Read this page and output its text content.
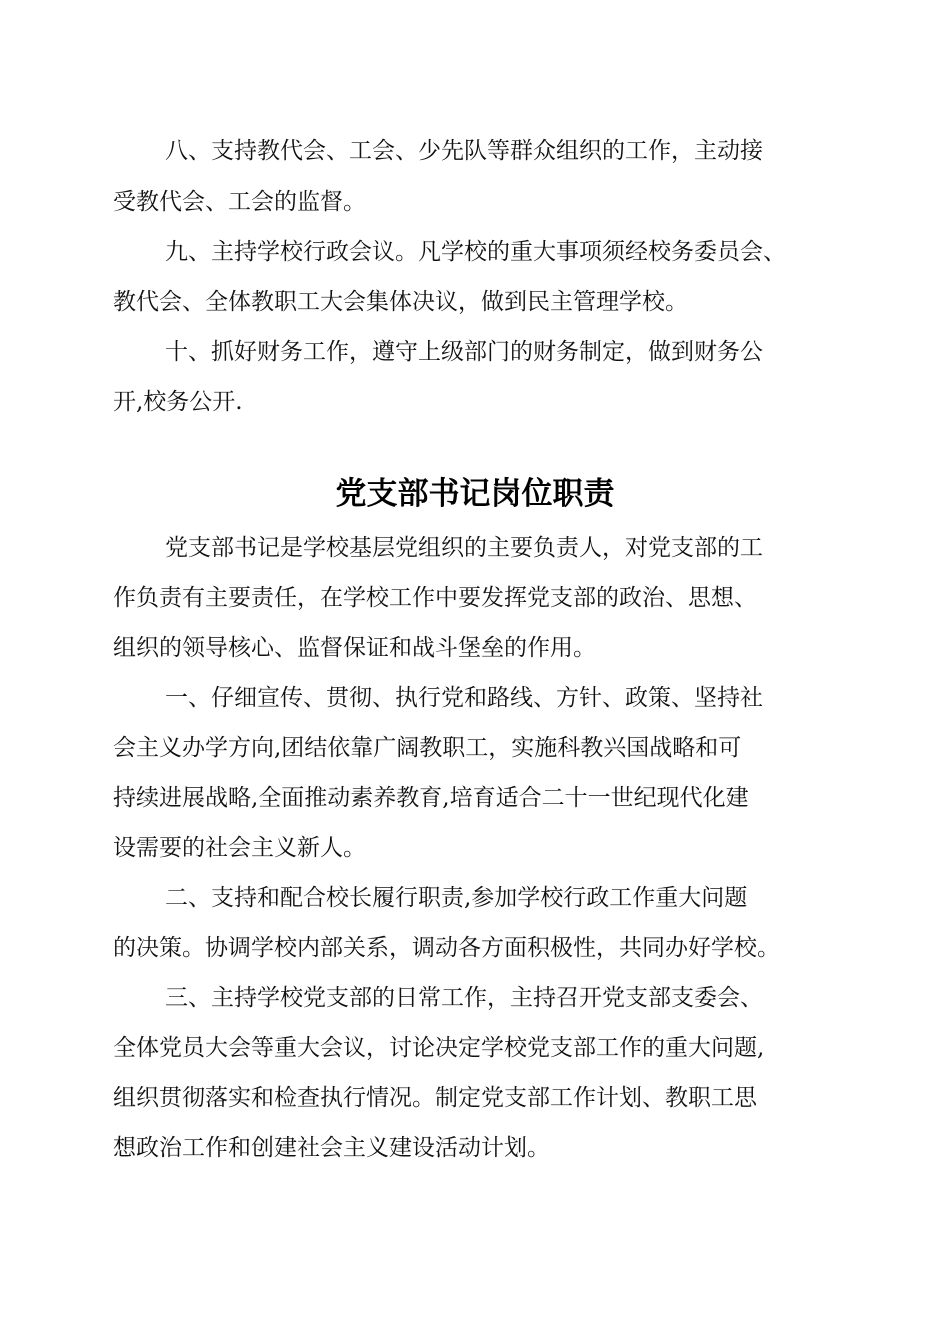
八、支持教代会、工会、少先队等群众组织的工作，主动接
受教代会、工会的监督。
九、主持学校行政会议。凡学校的重大事项须经校务委员会、
教代会、全体教职工大会集体决议，做到民主管理学校。
十、抓好财务工作，遵守上级部门的财务制定，做到财务公
开,校务公开.
党支部书记岗位职责
党支部书记是学校基层党组织的主要负责人，对党支部的工
作负责有主要责任，在学校工作中要发挥党支部的政治、思想、
组织的领导核心、监督保证和战斗堡垒的作用。
一、仔细宣传、贯彻、执行党和路线、方针、政策、坚持社
会主义办学方向,团结依靠广阔教职工，实施科教兴国战略和可
持续进展战略,全面推动素养教育,培育适合二十一世纪现代化建
设需要的社会主义新人。
二、支持和配合校长履行职责,参加学校行政工作重大问题
的决策。协调学校内部关系，调动各方面积极性，共同办好学校。
三、主持学校党支部的日常工作，主持召开党支部支委会、
全体党员大会等重大会议，讨论决定学校党支部工作的重大问题,
组织贯彻落实和检查执行情况。制定党支部工作计划、教职工思
想政治工作和创建社会主义建设活动计划。
